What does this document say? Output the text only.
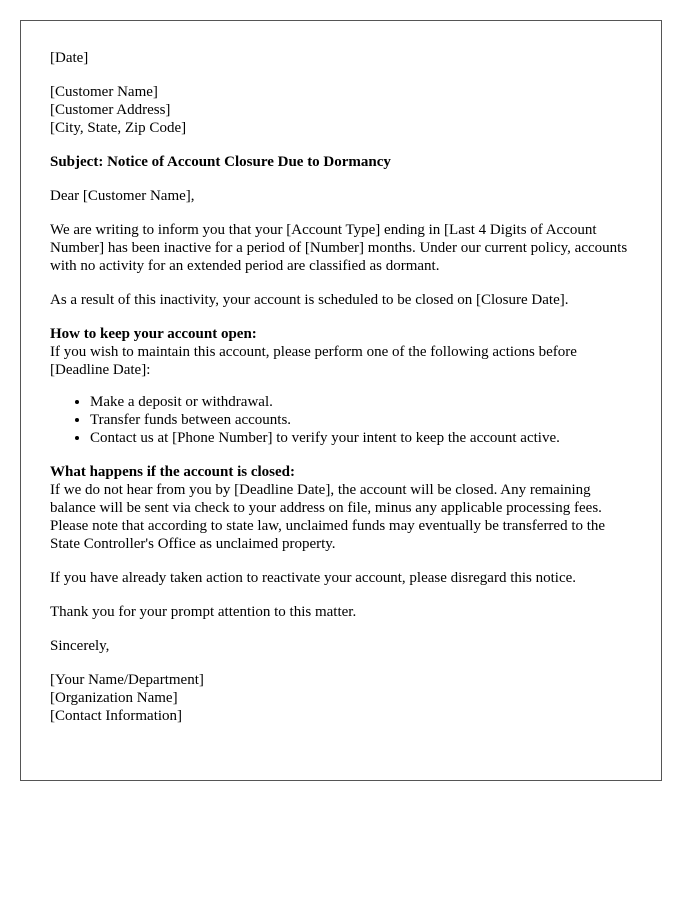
[Date]

[Customer Name]
[Customer Address]
[City, State, Zip Code]

Subject: Notice of Account Closure Due to Dormancy

Dear [Customer Name],

We are writing to inform you that your [Account Type] ending in [Last 4 Digits of Account Number] has been inactive for a period of [Number] months. Under our current policy, accounts with no activity for an extended period are classified as dormant.

As a result of this inactivity, your account is scheduled to be closed on [Closure Date].

How to keep your account open:
If you wish to maintain this account, please perform one of the following actions before [Deadline Date]:

• Make a deposit or withdrawal.
• Transfer funds between accounts.
• Contact us at [Phone Number] to verify your intent to keep the account active.

What happens if the account is closed:
If we do not hear from you by [Deadline Date], the account will be closed. Any remaining balance will be sent via check to your address on file, minus any applicable processing fees. Please note that according to state law, unclaimed funds may eventually be transferred to the State Controller's Office as unclaimed property.

If you have already taken action to reactivate your account, please disregard this notice.

Thank you for your prompt attention to this matter.

Sincerely,

[Your Name/Department]
[Organization Name]
[Contact Information]
